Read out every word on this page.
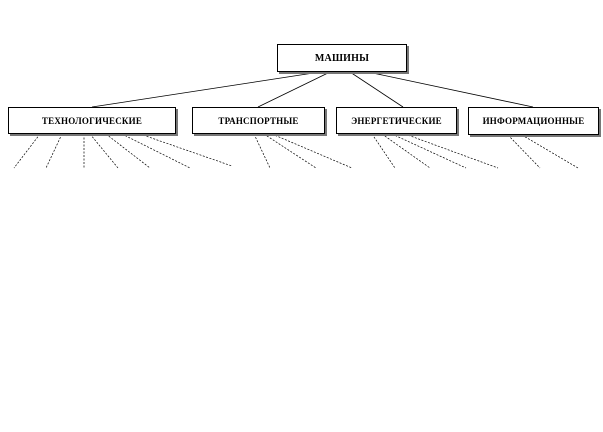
МАШИНЫ
ТЕХНОЛОГИЧЕСКИЕ	ТРАНСПОРТНЫЕ	ЭНЕРГЕТИЧЕСКИЕ	ИНФОРМАЦИОННЫЕ
